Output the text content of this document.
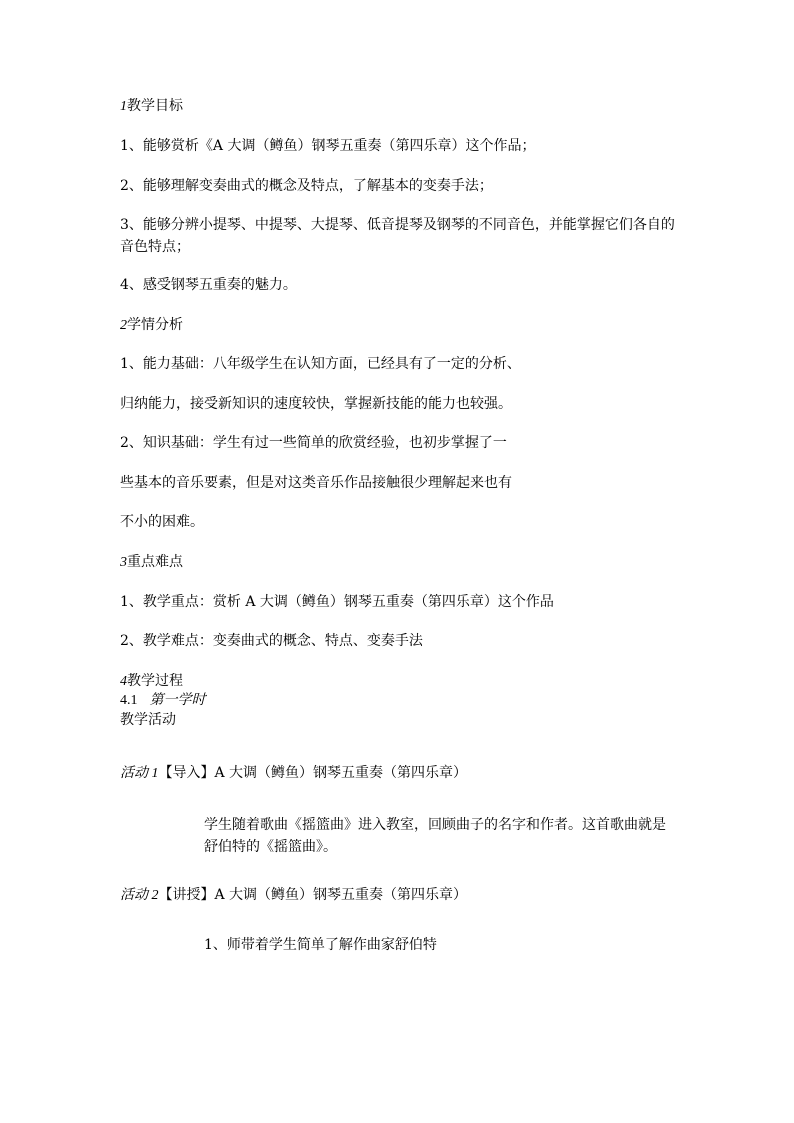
1教学目标
1、能够赏析《A 大调（鳟鱼）钢琴五重奏（第四乐章）这个作品；
2、能够理解变奏曲式的概念及特点，了解基本的变奏手法；
3、能够分辨小提琴、中提琴、大提琴、低音提琴及钢琴的不同音色，并能掌握它们各自的音色特点；
4、感受钢琴五重奏的魅力。
2学情分析
1、能力基础：八年级学生在认知方面，已经具有了一定的分析、
归纳能力，接受新知识的速度较快，掌握新技能的能力也较强。
2、知识基础：学生有过一些简单的欣赏经验，也初步掌握了一
些基本的音乐要素，但是对这类音乐作品接触很少理解起来也有
不小的困难。
3重点难点
1、教学重点：赏析 A 大调（鳟鱼）钢琴五重奏（第四乐章）这个作品
2、教学难点：变奏曲式的概念、特点、变奏手法
4教学过程
4.1 第一学时
教学活动
活动 1【导入】A 大调（鳟鱼）钢琴五重奏（第四乐章）
学生随着歌曲《摇篮曲》进入教室，回顾曲子的名字和作者。这首歌曲就是舒伯特的《摇篮曲》。
活动 2【讲授】A 大调（鳟鱼）钢琴五重奏（第四乐章）
1、师带着学生简单了解作曲家舒伯特
